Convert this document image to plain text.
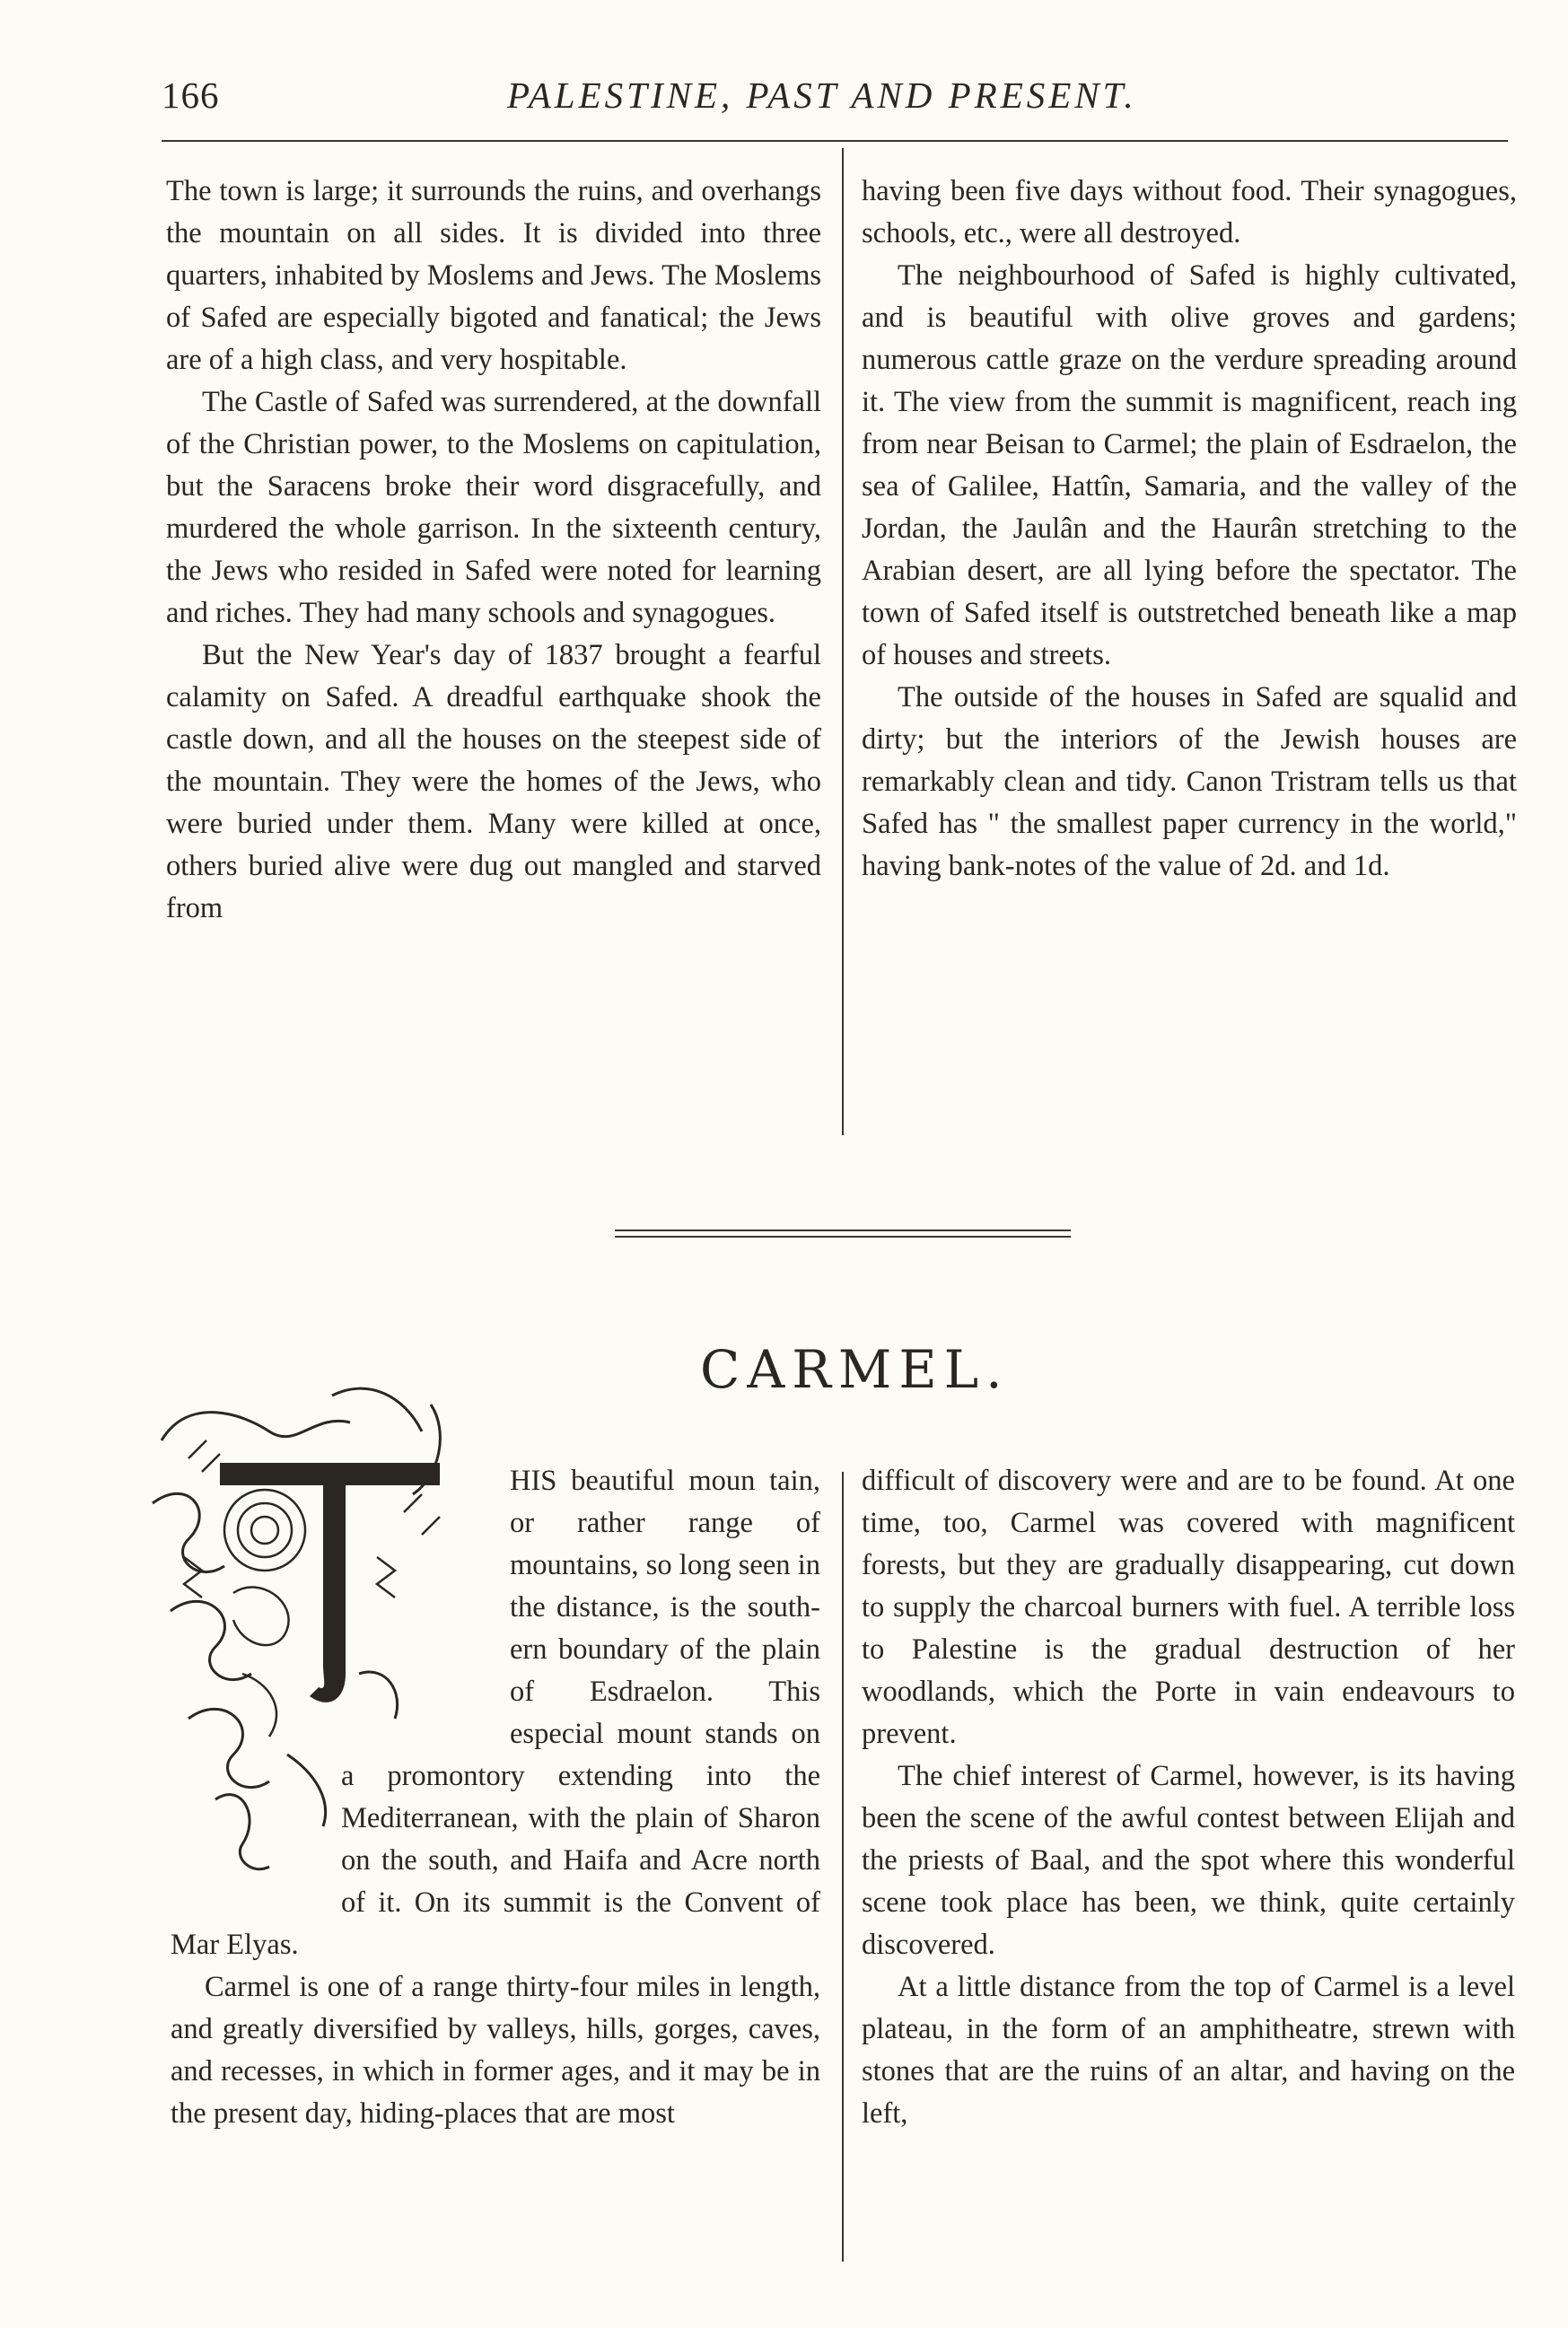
166	PALESTINE, PAST AND PRESENT.

The town is large; it surrounds the ruins, and overhangs the mountain on all sides. It is divided into three quarters, inhabited by Moslems and Jews. The Moslems of Safed are especially bigoted and fanatical; the Jews are of a high class, and very hospitable.

The Castle of Safed was surrendered, at the downfall of the Christian power, to the Moslems on capitulation, but the Saracens broke their word disgracefully, and murdered the whole garrison. In the sixteenth century, the Jews who resided in Safed were noted for learning and riches. They had many schools and synagogues.

But the New Year's day of 1837 brought a fearful calamity on Safed. A dreadful earthquake shook the castle down, and all the houses on the steepest side of the mountain. They were the homes of the Jews, who were buried under them. Many were killed at once, others buried alive were dug out mangled and starved from

having been five days without food. Their synagogues, schools, etc., were all destroyed.

The neighbourhood of Safed is highly cultivated, and is beautiful with olive groves and gardens; numerous cattle graze on the verdure spreading around it. The view from the summit is magnificent, reach ing from near Beisan to Carmel; the plain of Esdraelon, the sea of Galilee, Hattîn, Samaria, and the valley of the Jordan, the Jaulân and the Haurân stretching to the Arabian desert, are all lying before the spectator. The town of Safed itself is outstretched beneath like a map of houses and streets.

The outside of the houses in Safed are squalid and dirty; but the interiors of the Jewish houses are remarkably clean and tidy. Canon Tristram tells us that Safed has " the smallest paper currency in the world," having bank-notes of the value of 2d. and 1d.

CARMEL.

HIS beautiful moun tain, or rather range of mountains, so long seen in the distance, is the southern boundary of the plain of Esdraelon. This especial mount stands on a promontory extending into the Mediterranean, with the plain of Sharon on the south, and Haifa and Acre north of it. On its summit is the Convent of Mar Elyas.

Carmel is one of a range thirty-four miles in length, and greatly diversified by valleys, hills, gorges, caves, and recesses, in which in former ages, and it may be in the present day, hiding-places that are most

difficult of discovery were and are to be found. At one time, too, Carmel was covered with magnificent forests, but they are gradually disappearing, cut down to supply the charcoal burners with fuel. A terrible loss to Palestine is the gradual destruction of her woodlands, which the Porte in vain endeavours to prevent.

The chief interest of Carmel, however, is its having been the scene of the awful contest between Elijah and the priests of Baal, and the spot where this wonderful scene took place has been, we think, quite certainly discovered.

At a little distance from the top of Carmel is a level plateau, in the form of an amphitheatre, strewn with stones that are the ruins of an altar, and having on the left,
